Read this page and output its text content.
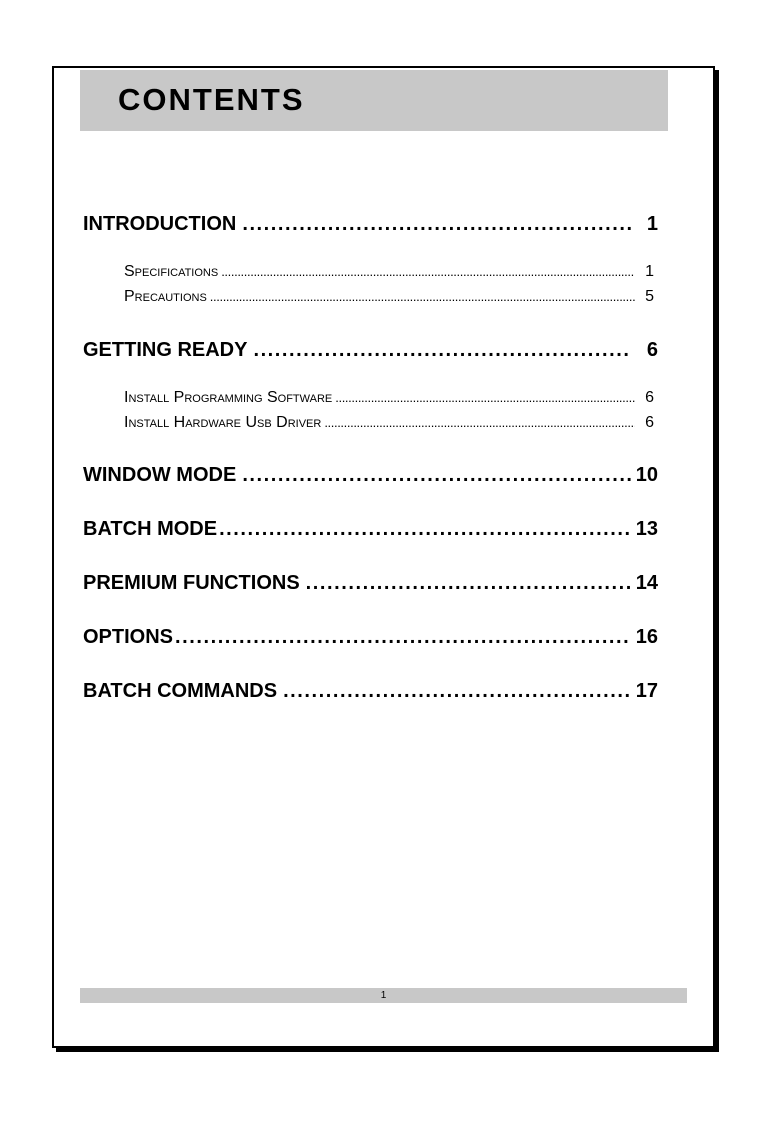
CONTENTS
INTRODUCTION . . .	1
Specifications . . .	1
Precautions . . .	5
GETTING READY . . .	6
Install Programming Software . . .	6
Install Hardware Usb Driver . . .	6
WINDOW MODE . . .	10
BATCH MODE . . .	13
PREMIUM FUNCTIONS . . .	14
OPTIONS . . .	16
BATCH COMMANDS . . .	17
1
